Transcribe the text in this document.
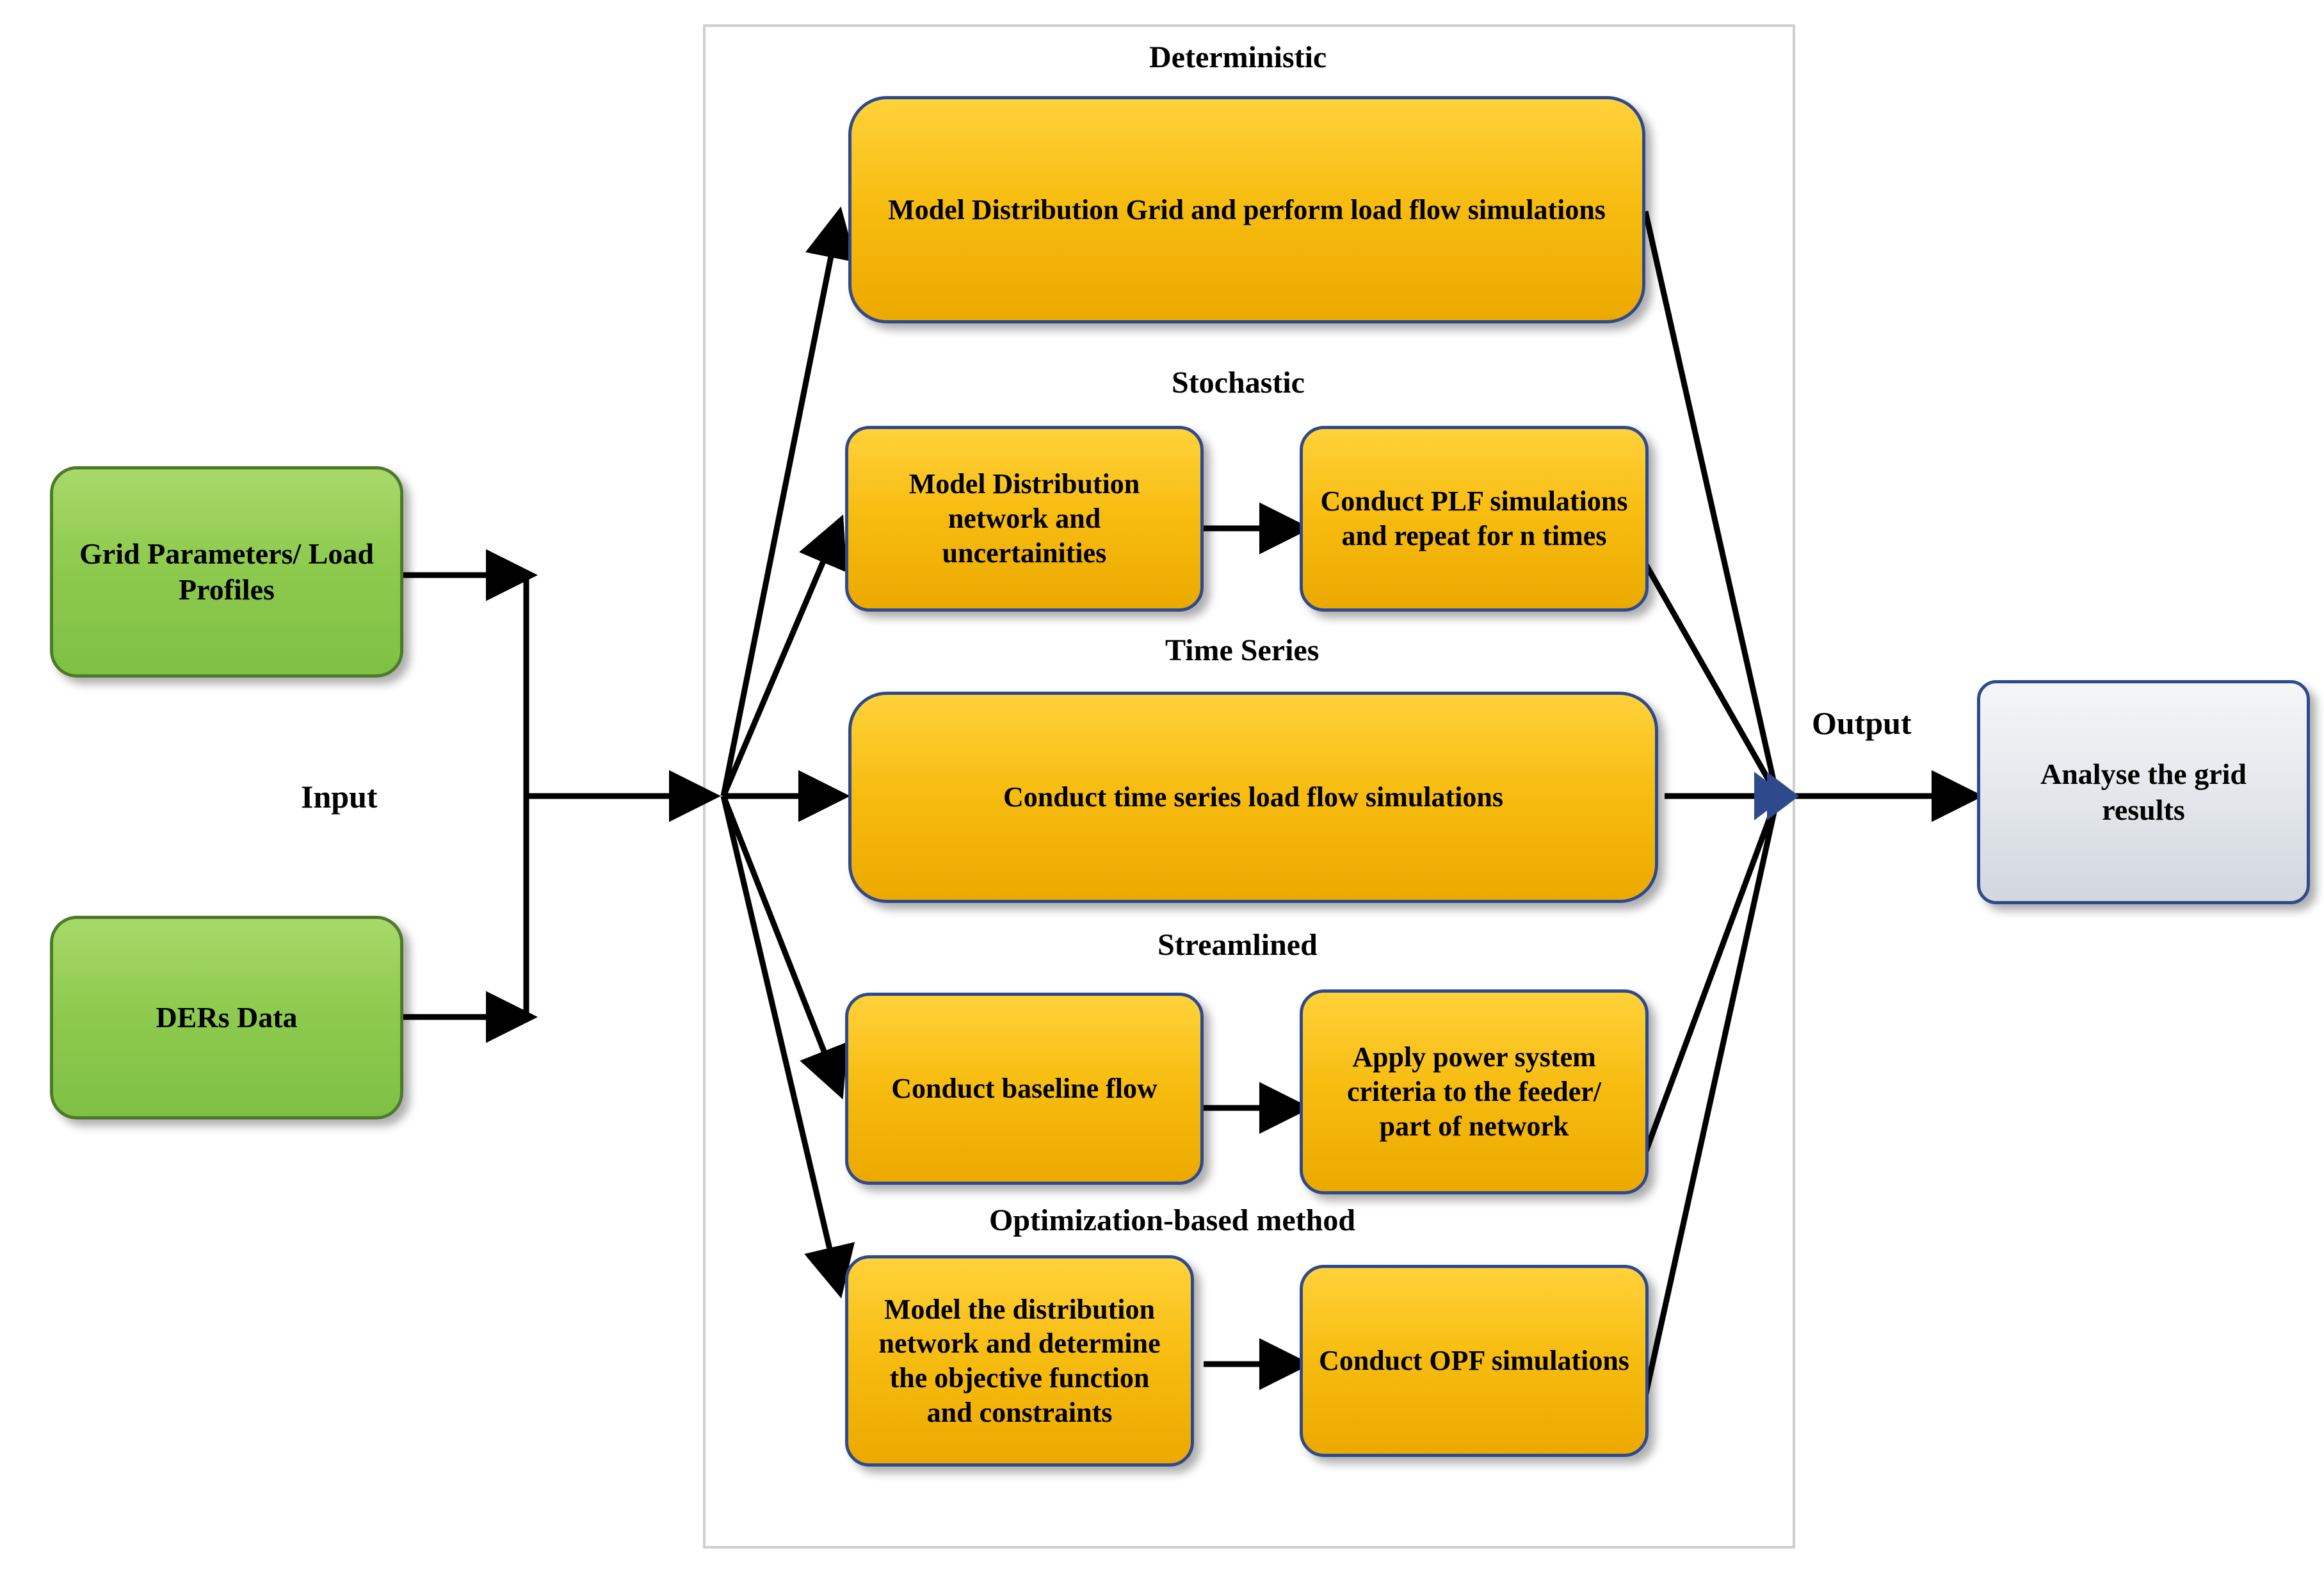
Grid Parameters/ Load Profiles
DERs Data
Input
Deterministic
Model Distribution Grid and perform load flow simulations
Stochastic
Model Distribution network and uncertainities
Conduct PLF simulations and repeat for n times
Time Series
Conduct time series load flow simulations
Streamlined
Conduct baseline flow
Apply power system criteria to the feeder/ part of network
Optimization-based method
Model the distribution network and determine the objective function and constraints
Conduct OPF simulations
Output
Analyse the grid results
